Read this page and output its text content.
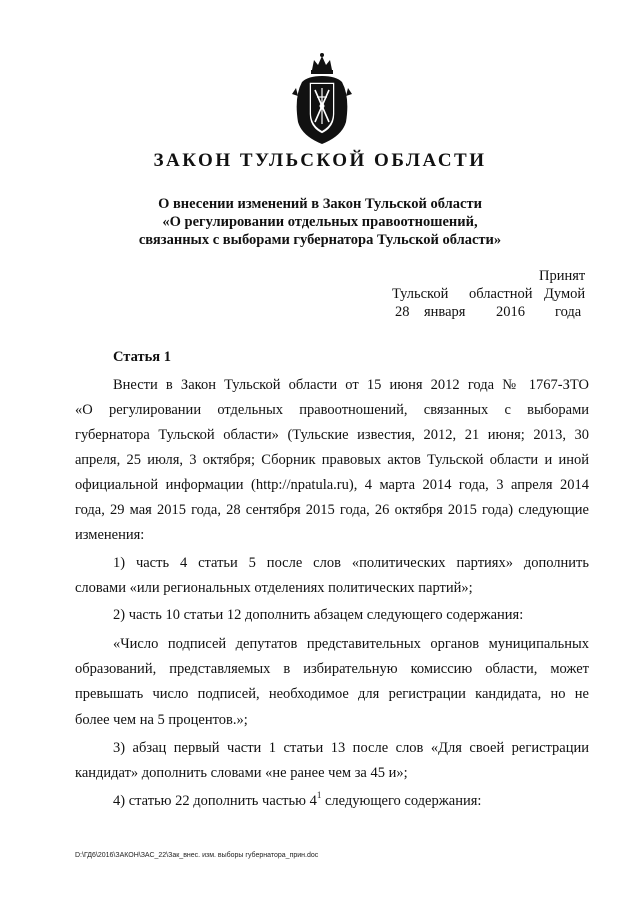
ЗАКОН ТУЛЬСКОЙ ОБЛАСТИ
О внесении изменений в Закон Тульской области
«О регулировании отдельных правоотношений,
связанных с выборами губернатора Тульской области»
Принят
Тульской областной Думой
28 января 2016 года
Статья 1
Внести в Закон Тульской области от 15 июня 2012 года № 1767-ЗТО
«О регулировании отдельных правоотношений, связанных с выборами
губернатора Тульской области» (Тульские известия, 2012, 21 июня; 2013, 30
апреля, 25 июля, 3 октября; Сборник правовых актов Тульской области и иной
официальной информации (http://npatula.ru), 4 марта 2014 года, 3 апреля 2014
года, 29 мая 2015 года, 28 сентября 2015 года, 26 октября 2015 года) следующие
изменения:
1) часть 4 статьи 5 после слов «политических партиях» дополнить
словами «или региональных отделениях политических партий»;
2) часть 10 статьи 12 дополнить абзацем следующего содержания:
«Число подписей депутатов представительных органов муниципальных
образований, представляемых в избирательную комиссию области, может
превышать число подписей, необходимое для регистрации кандидата, но не
более чем на 5 процентов.»;
3) абзац первый части 1 статьи 13 после слов «Для своей регистрации
кандидат» дополнить словами «не ранее чем за 45 и»;
4) статью 22 дополнить частью $4^1$ следующего содержания:
D:\ГД6\2016\ЗАКОН\ЗАС_22\Зак_внес. изм. выборы губернатора_прин.doc
